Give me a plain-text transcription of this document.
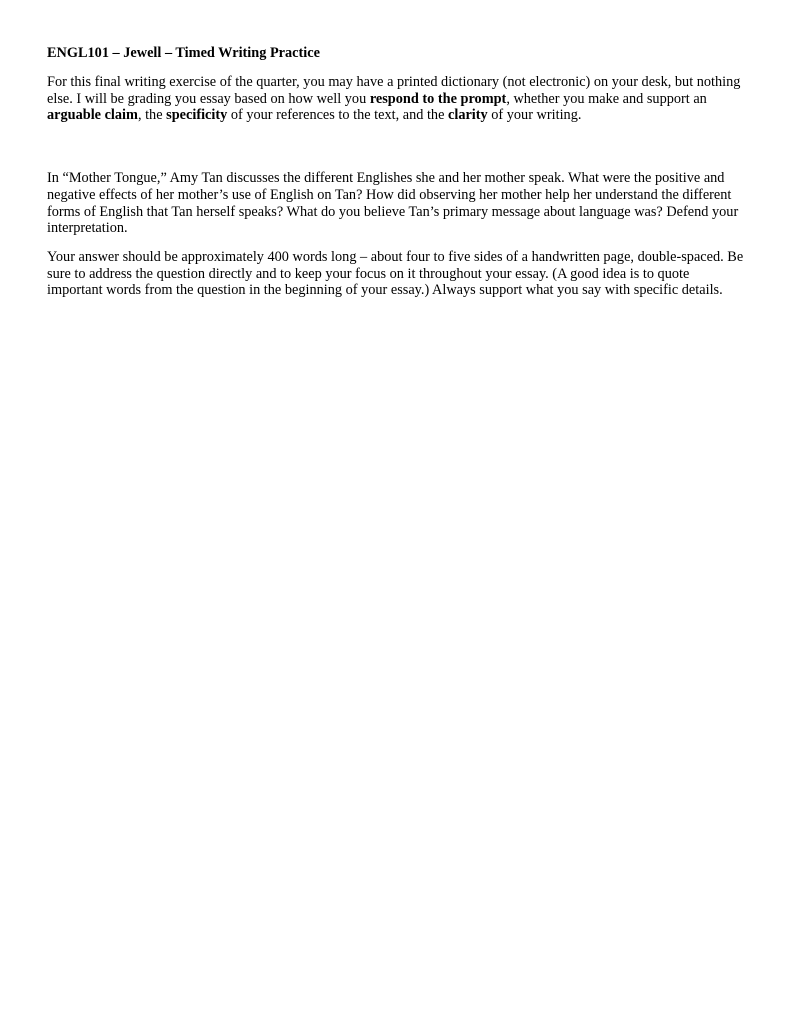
ENGL101 – Jewell – Timed Writing Practice

For this final writing exercise of the quarter, you may have a printed dictionary (not electronic) on your desk, but nothing else. I will be grading you essay based on how well you respond to the prompt, whether you make and support an arguable claim, the specificity of your references to the text, and the clarity of your writing.

In “Mother Tongue,” Amy Tan discusses the different Englishes she and her mother speak. What were the positive and negative effects of her mother’s use of English on Tan? How did observing her mother help her understand the different forms of English that Tan herself speaks? What do you believe Tan’s primary message about language was? Defend your interpretation.

Your answer should be approximately 400 words long – about four to five sides of a handwritten page, double-spaced. Be sure to address the question directly and to keep your focus on it throughout your essay. (A good idea is to quote important words from the question in the beginning of your essay.) Always support what you say with specific details.
